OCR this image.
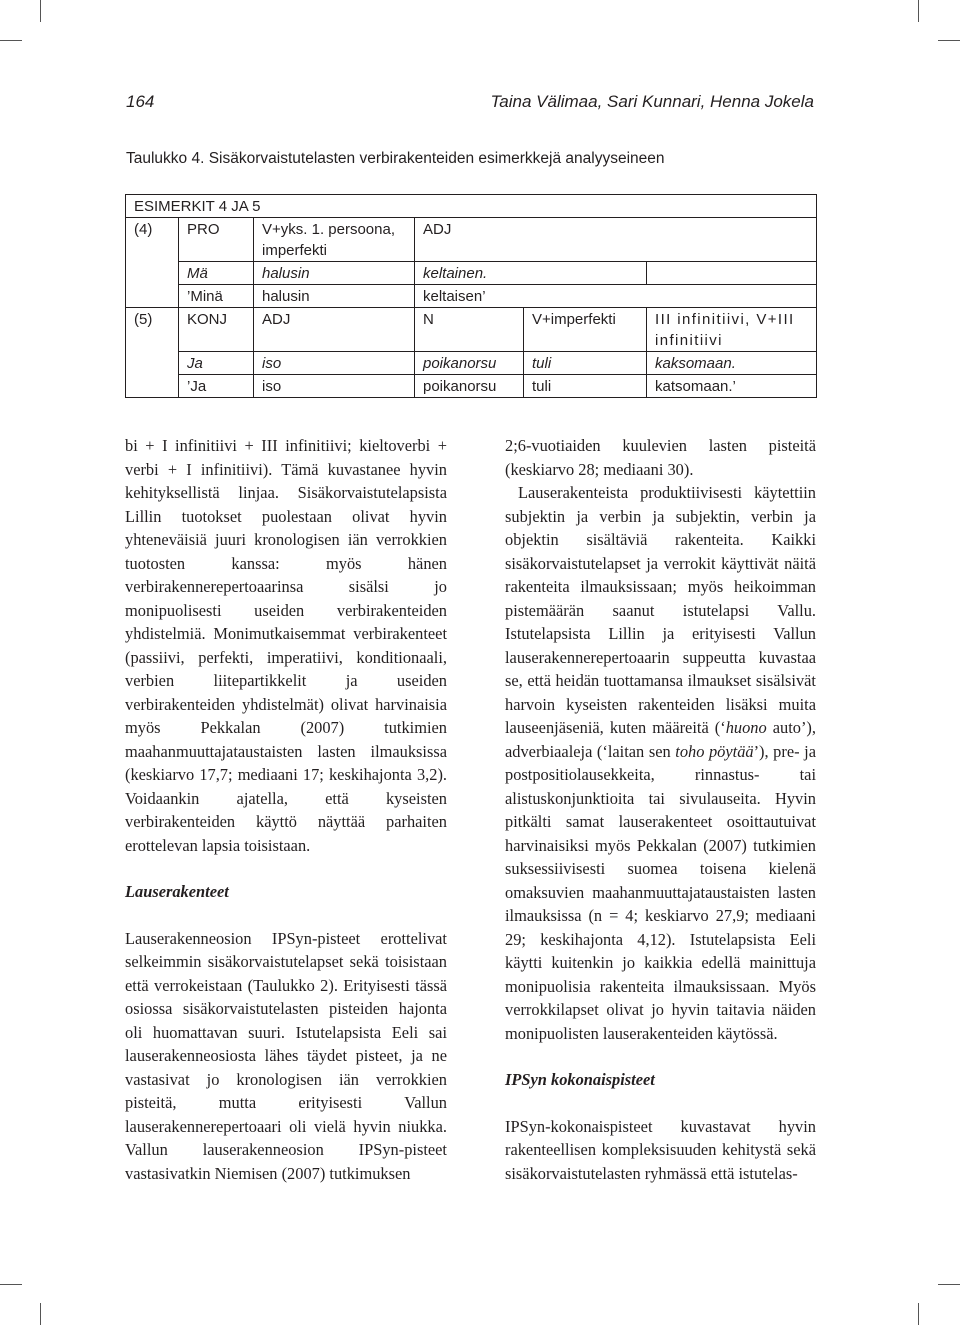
164	Taina Välimaa, Sari Kunnari, Henna Jokela
Taulukko 4. Sisäkorvaistutelasten verbirakenteiden esimerkkejä analyyseineen
ESIMERKIT 4 JA 5					
(4)	PRO	V+yks. 1. persoona, imperfekti	ADJ		
	Mä	halusin	keltainen.		
	’Minä	halusin	keltaisen’		
(5)	KONJ	ADJ	N	V+imperfekti	III infinitiivi, V+III infinitiivi
	Ja	iso	poikanorsu	tuli	kaksomaan.
	’Ja	iso	poikanorsu	tuli	katsomaan.’

bi + I infinitiivi + III infinitiivi; kieltoverbi + verbi + I infinitiivi). Tämä kuvastanee hyvin kehityksellistä linjaa. Sisäkorvaistutelapsista Lillin tuotokset puolestaan olivat hyvin yhteneväisiä juuri kronologisen iän verrokkien tuotosten kanssa: myös hänen verbirakennerepertoaarinsa sisälsi jo monipuolisesti useiden verbirakenteiden yhdistelmiä. Monimutkaisemmat verbirakenteet (passiivi, perfekti, imperatiivi, konditionaali, verbien liitepartikkelit ja useiden verbirakenteiden yhdistelmät) olivat harvinaisia myös Pekkalan (2007) tutkimien maahanmuuttajataustaisten lasten ilmauksissa (keskiarvo 17,7; mediaani 17; keskihajonta 3,2). Voidaankin ajatella, että kyseisten verbirakenteiden käyttö näyttää parhaiten erottelevan lapsia toisistaan.

Lauserakenteet

Lauserakenneosion IPSyn-pisteet erottelivat selkeimmin sisäkorvaistutelapset sekä toisistaan että verrokeistaan (Taulukko 2). Erityisesti tässä osiossa sisäkorvaistutelasten pisteiden hajonta oli huomattavan suuri. Istutelapsista Eeli sai lauserakenneosiosta lähes täydet pisteet, ja ne vastasivat jo kronologisen iän verrokkien pisteitä, mutta erityisesti Vallun lauserakennerepertoaari oli vielä hyvin niukka. Vallun lauserakenneosion IPSyn-pisteet vastasivatkin Niemisen (2007) tutkimuksen

2;6-vuotiaiden kuulevien lasten pisteitä (keskiarvo 28; mediaani 30).

Lauserakenteista produktiivisesti käytettiin subjektin ja verbin ja subjektin, verbin ja objektin sisältäviä rakenteita. Kaikki sisäkorvaistutelapset ja verrokit käyttivät näitä rakenteita ilmauksissaan; myös heikoimman pistemäärän saanut istutelapsi Vallu. Istutelapsista Lillin ja erityisesti Vallun lauserakennerepertoaarin suppeutta kuvastaa se, että heidän tuottamansa ilmaukset sisälsivät harvoin kyseisten rakenteiden lisäksi muita lauseenjäseniä, kuten määreitä (‘huono auto’), adverbiaaleja (‘laitan sen toho pöytää’), pre- ja postpositiolausekkeita, rinnastus- tai alistuskonjunktioita tai sivulauseita. Hyvin pitkälti samat lauserakenteet osoittautuivat harvinaisiksi myös Pekkalan (2007) tutkimien suksessiivisesti suomea toisena kielenä omaksuvien maahanmuuttajataustaisten lasten ilmauksissa (n = 4; keskiarvo 27,9; mediaani 29; keskihajonta 4,12). Istutelapsista Eeli käytti kuitenkin jo kaikkia edellä mainittuja monipuolisia rakenteita ilmauksissaan. Myös verrokkilapset olivat jo hyvin taitavia näiden monipuolisten lauserakenteiden käytössä.

IPSyn kokonaispisteet

IPSyn-kokonaispisteet kuvastavat hyvin rakenteellisen kompleksisuuden kehitystä sekä sisäkorvaistutelasten ryhmässä että istutelas-
